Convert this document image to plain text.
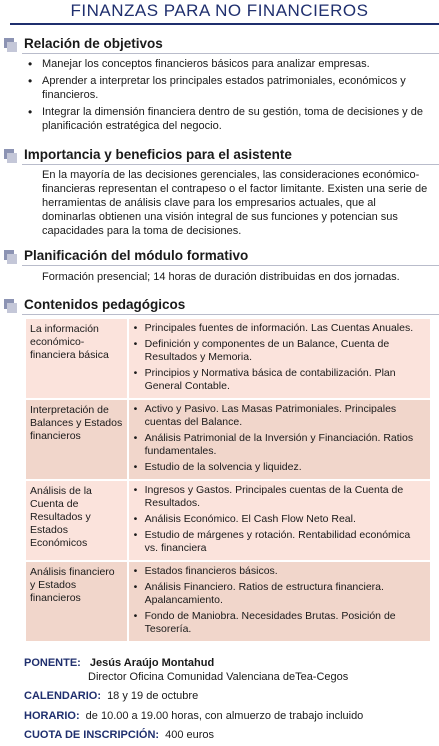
FINANZAS PARA NO FINANCIEROS
Relación de objetivos
• Manejar los conceptos financieros básicos para analizar empresas.
• Aprender a interpretar los principales estados patrimoniales, económicos y financieros.
• Integrar la dimensión financiera dentro de su gestión, toma de decisiones y de planificación estratégica del negocio.
Importancia y beneficios para el asistente

En la mayoría de las decisiones gerenciales, las consideraciones económico-financieras representan el contrapeso o el factor limitante. Existen una serie de herramientas de análisis clave para los empresarios actuales, que al dominarlas obtienen una visión integral de sus funciones y potencian sus capacidades para la toma de decisiones.

Planificación del módulo formativo

Formación presencial; 14 horas de duración distribuidas en dos jornadas.

Contenidos pedagógicos
La información económico-financiera básica
• Principales fuentes de información. Las Cuentas Anuales.
• Definición y componentes de un Balance, Cuenta de Resultados y Memoria.
• Principios y Normativa básica de contabilización. Plan General Contable.
Interpretación de Balances y Estados financieros
• Activo y Pasivo. Las Masas Patrimoniales. Principales cuentas del Balance.
• Análisis Patrimonial de la Inversión y Financiación. Ratios fundamentales.
• Estudio de la solvencia y liquidez.
Análisis de la Cuenta de Resultados y Estados Económicos
• Ingresos y Gastos. Principales cuentas de la Cuenta de Resultados.
• Análisis Económico. El Cash Flow Neto Real.
• Estudio de márgenes y rotación. Rentabilidad económica vs. financiera
Análisis financiero y Estados financieros
• Estados financieros básicos.
• Análisis Financiero. Ratios de estructura financiera. Apalancamiento.
• Fondo de Maniobra. Necesidades Brutas. Posición de Tesorería.
PONENTE: Jesús Araújo Montahud
Director Oficina Comunidad Valenciana deTea-Cegos
CALENDARIO: 18 y 19 de octubre
HORARIO: de 10.00 a 19.00 horas, con almuerzo de trabajo incluido
CUOTA DE INSCRIPCIÓN: 400 euros
